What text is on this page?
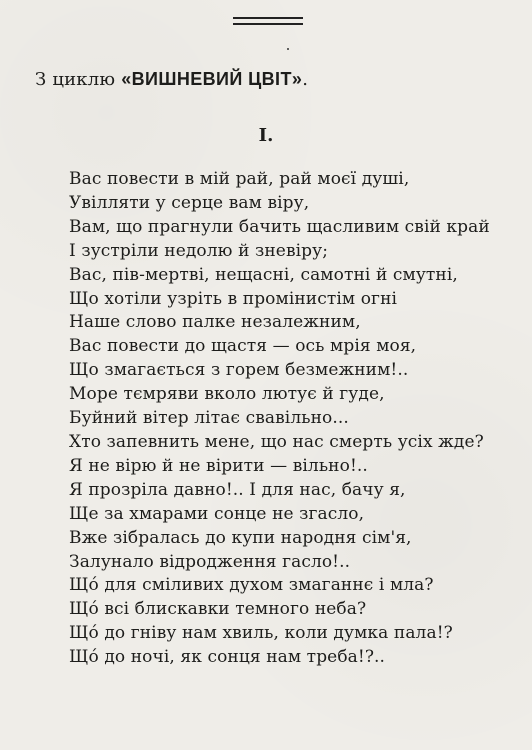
З циклю «ВИШНЕВИЙ ЦВІТ».
I.
Вас повести в мій рай, рай моєї душі,
Увілляти у серце вам віру,
Вам, що прагнули бачить щасливим свій край
І зустріли недолю й зневіру;
Вас, пів-мертві, нещасні, самотні й смутні,
Що хотіли узріть в промінистім огні
Наше слово палке незалежним,
Вас повести до щастя — ось мрія моя,
Що змагається з горем безмежним!..
Море тємряви вколо лютує й гуде,
Буйний вітер літає свавільно...
Хто запевнить мене, що нас смерть усіх жде?
Я не вірю й не вірити — вільно!..
Я прозріла давно!.. І для нас, бачу я,
Ще за хмарами сонце не згасло,
Вже зібралась до купи народня сім'я,
Залунало відродження гасло!..
Щó для сміливих духом змаганнє і мла?
Щó всі блискавки темного неба?
Щó до гніву нам хвиль, коли думка пала!?
Щó до ночі, як сонця нам треба!?..
